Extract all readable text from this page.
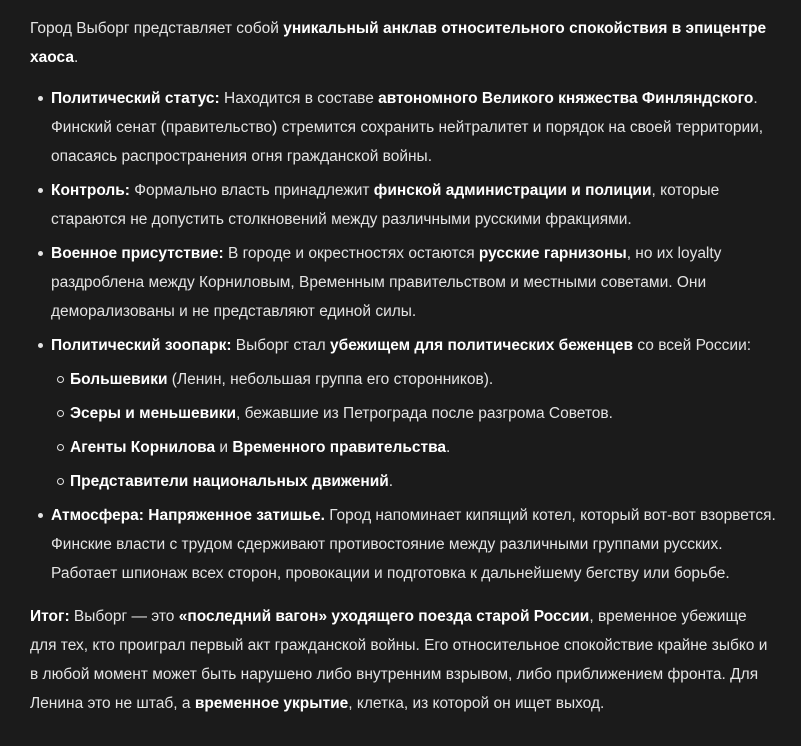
Город Выборг представляет собой уникальный анклав относительного спокойствия в эпицентре хаоса.

Политический статус: Находится в составе автономного Великого княжества Финляндского. Финский сенат (правительство) стремится сохранить нейтралитет и порядок на своей территории, опасаясь распространения огня гражданской войны.
Контроль: Формально власть принадлежит финской администрации и полиции, которые стараются не допустить столкновений между различными русскими фракциями.
Военное присутствие: В городе и окрестностях остаются русские гарнизоны, но их loyalty раздроблена между Корниловым, Временным правительством и местными советами. Они деморализованы и не представляют единой силы.
Политический зоопарк: Выборг стал убежищем для политических беженцев со всей России:
Большевики (Ленин, небольшая группа его сторонников).
Эсеры и меньшевики, бежавшие из Петрограда после разгрома Советов.
Агенты Корнилова и Временного правительства.
Представители национальных движений.
Атмосфера: Напряженное затишье. Город напоминает кипящий котел, который вот-вот взорвется. Финские власти с трудом сдерживают противостояние между различными группами русских. Работает шпионаж всех сторон, провокации и подготовка к дальнейшему бегству или борьбе.

Итог: Выборг — это «последний вагон» уходящего поезда старой России, временное убежище для тех, кто проиграл первый акт гражданской войны. Его относительное спокойствие крайне зыбко и в любой момент может быть нарушено либо внутренним взрывом, либо приближением фронта. Для Ленина это не штаб, а временное укрытие, клетка, из которой он ищет выход.
